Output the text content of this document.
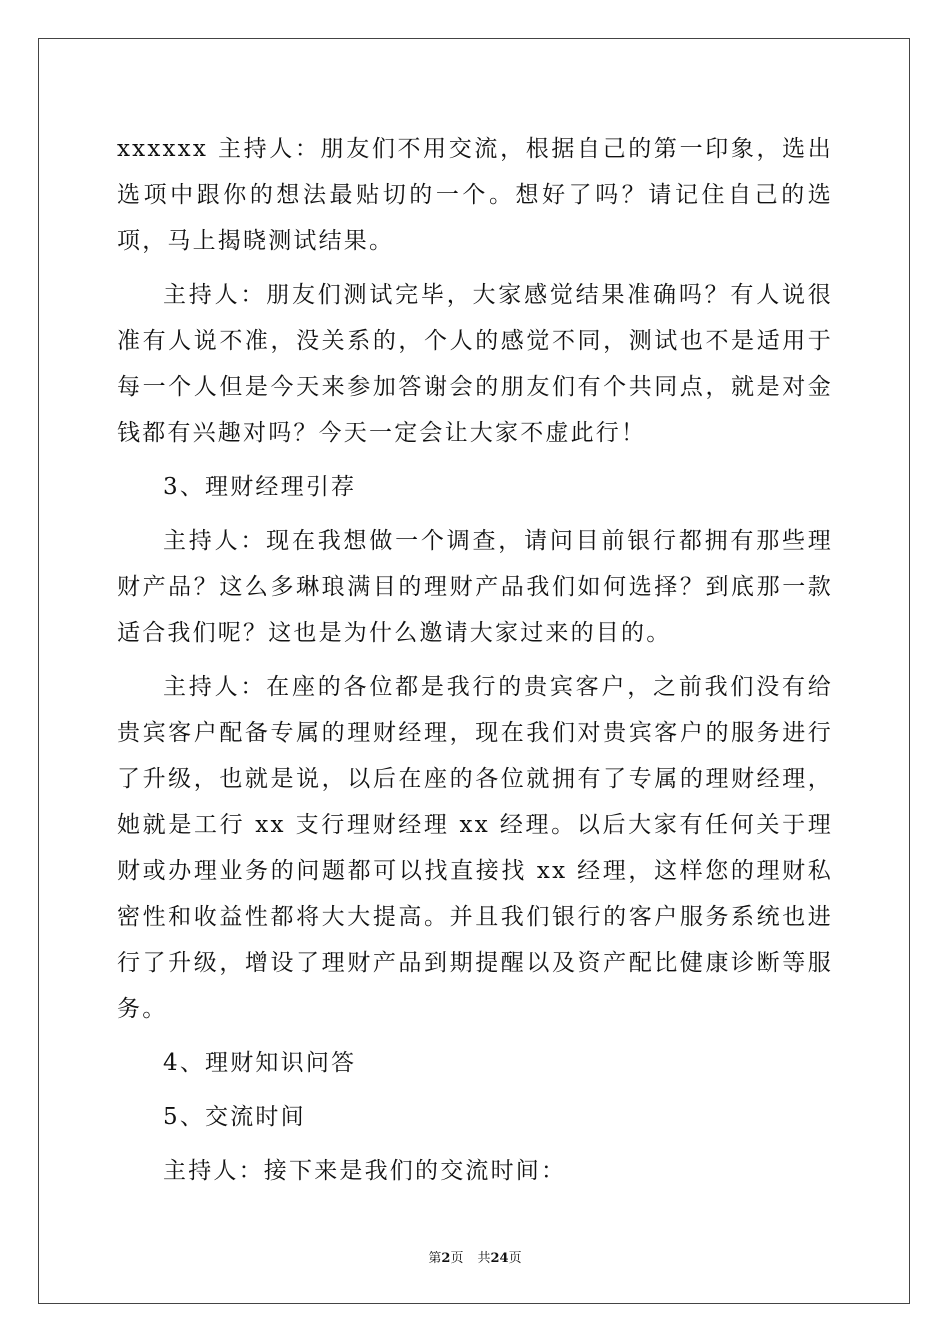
xxxxxx 主持人：朋友们不用交流，根据自己的第一印象，选出选项中跟你的想法最贴切的一个。想好了吗？请记住自己的选项，马上揭晓测试结果。

主持人：朋友们测试完毕，大家感觉结果准确吗？有人说很准有人说不准，没关系的，个人的感觉不同，测试也不是适用于每一个人但是今天来参加答谢会的朋友们有个共同点，就是对金钱都有兴趣对吗？今天一定会让大家不虚此行！

3、理财经理引荐

主持人：现在我想做一个调查，请问目前银行都拥有那些理财产品？这么多琳琅满目的理财产品我们如何选择？到底那一款适合我们呢？这也是为什么邀请大家过来的目的。

主持人：在座的各位都是我行的贵宾客户，之前我们没有给贵宾客户配备专属的理财经理，现在我们对贵宾客户的服务进行了升级，也就是说，以后在座的各位就拥有了专属的理财经理，她就是工行 xx 支行理财经理 xx 经理。以后大家有任何关于理财或办理业务的问题都可以找直接找 xx 经理，这样您的理财私密性和收益性都将大大提高。并且我们银行的客户服务系统也进行了升级，增设了理财产品到期提醒以及资产配比健康诊断等服务。

4、理财知识问答

5、交流时间

主持人：接下来是我们的交流时间：

第2页 共24页
